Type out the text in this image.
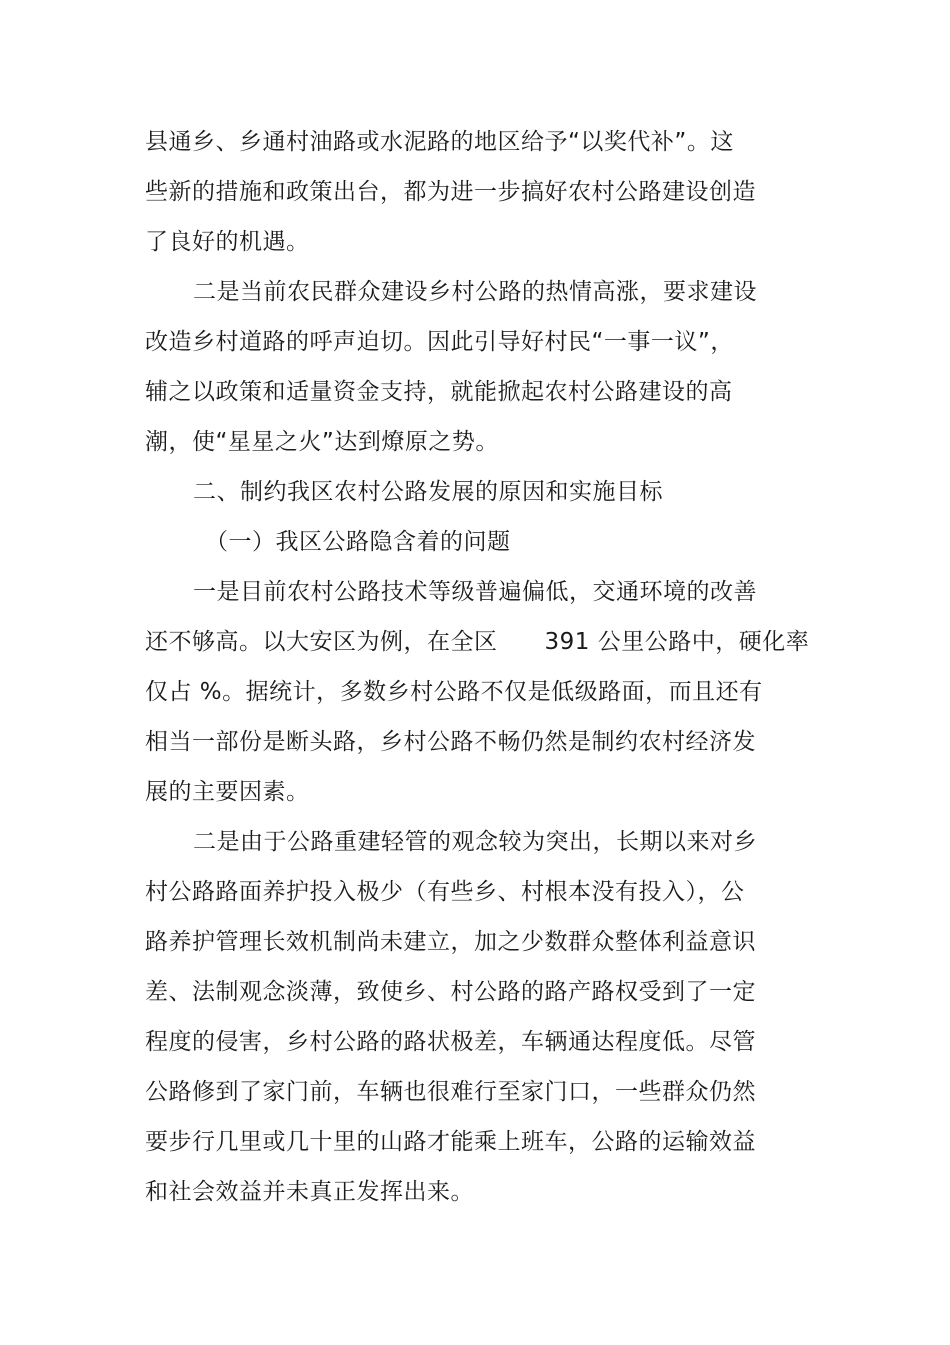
县通乡、乡通村油路或水泥路的地区给予“以奖代补”。这
些新的措施和政策出台，都为进一步搞好农村公路建设创造
了良好的机遇。
二是当前农民群众建设乡村公路的热情高涨，要求建设
改造乡村道路的呼声迫切。因此引导好村民“一事一议”，
辅之以政策和适量资金支持，就能掀起农村公路建设的高
潮，使“星星之火”达到燎原之势。
二、制约我区农村公路发展的原因和实施目标
（一）我区公路隐含着的问题
一是目前农村公路技术等级普遍偏低，交通环境的改善
还不够高。以大安区为例，在全区　　391 公里公路中，硬化率
仅占 %。据统计，多数乡村公路不仅是低级路面，而且还有
相当一部份是断头路，乡村公路不畅仍然是制约农村经济发
展的主要因素。
二是由于公路重建轻管的观念较为突出，长期以来对乡
村公路路面养护投入极少（有些乡、村根本没有投入），公
路养护管理长效机制尚未建立，加之少数群众整体利益意识
差、法制观念淡薄，致使乡、村公路的路产路权受到了一定
程度的侵害，乡村公路的路状极差，车辆通达程度低。尽管
公路修到了家门前，车辆也很难行至家门口，一些群众仍然
要步行几里或几十里的山路才能乘上班车，公路的运输效益
和社会效益并未真正发挥出来。
